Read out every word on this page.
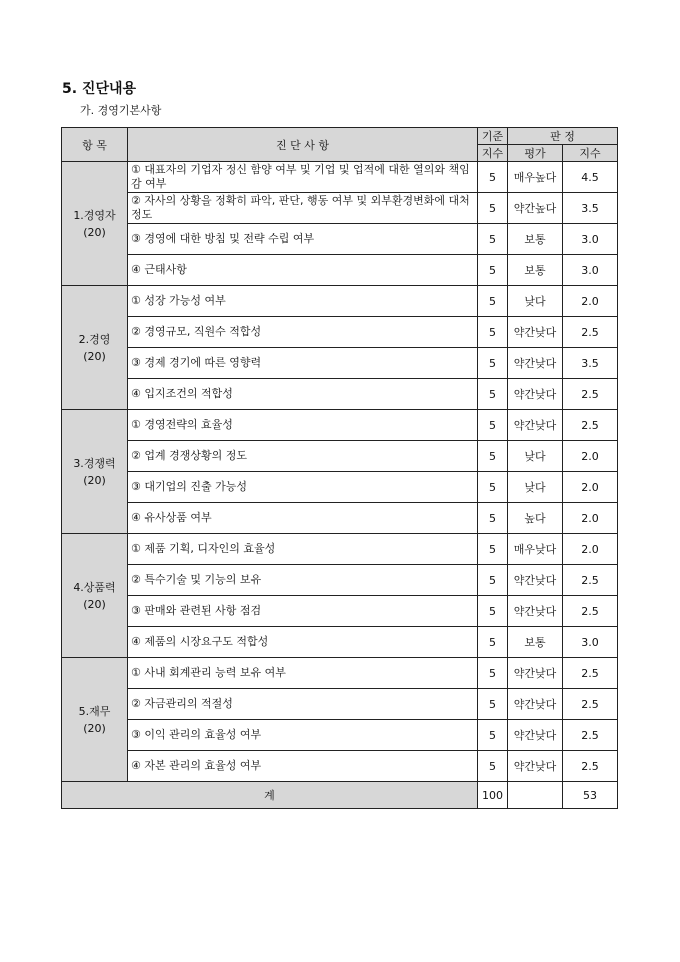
5. 진단내용
가. 경영기본사항
항 목	진 단 사 항	기준	판 정	
		지수	평가	지수

1.경영자
(20)	① 대표자의 기업자 정신 함양 여부 및 기업 및 업적에 대한 열의와 책임감 여부	5	매우높다	4.5
	② 자사의 상황을 정확히 파악, 판단, 행동 여부 및 외부환경변화에 대처 정도	5	약간높다	3.5
	③ 경영에 대한 방침 및 전략 수립 여부	5	보통	3.0
	④ 근태사항	5	보통	3.0

2.경영
(20)	① 성장 가능성 여부	5	낮다	2.0
	② 경영규모, 직원수 적합성	5	약간낮다	2.5
	③ 경제 경기에 따른 영향력	5	약간낮다	3.5
	④ 입지조건의 적합성	5	약간낮다	2.5

3.경쟁력
(20)	① 경영전략의 효율성	5	약간낮다	2.5
	② 업계 경쟁상황의 정도	5	낮다	2.0
	③ 대기업의 진출 가능성	5	낮다	2.0
	④ 유사상품 여부	5	높다	2.0

4.상품력
(20)	① 제품 기획, 디자인의 효율성	5	매우낮다	2.0
	② 특수기술 및 기능의 보유	5	약간낮다	2.5
	③ 판매와 관련된 사항 점검	5	약간낮다	2.5
	④ 제품의 시장요구도 적합성	5	보통	3.0

5.재무
(20)	① 사내 회계관리 능력 보유 여부	5	약간낮다	2.5
	② 자금관리의 적절성	5	약간낮다	2.5
	③ 이익 관리의 효율성 여부	5	약간낮다	2.5
	④ 자본 관리의 효율성 여부	5	약간낮다	2.5
계		100		53
